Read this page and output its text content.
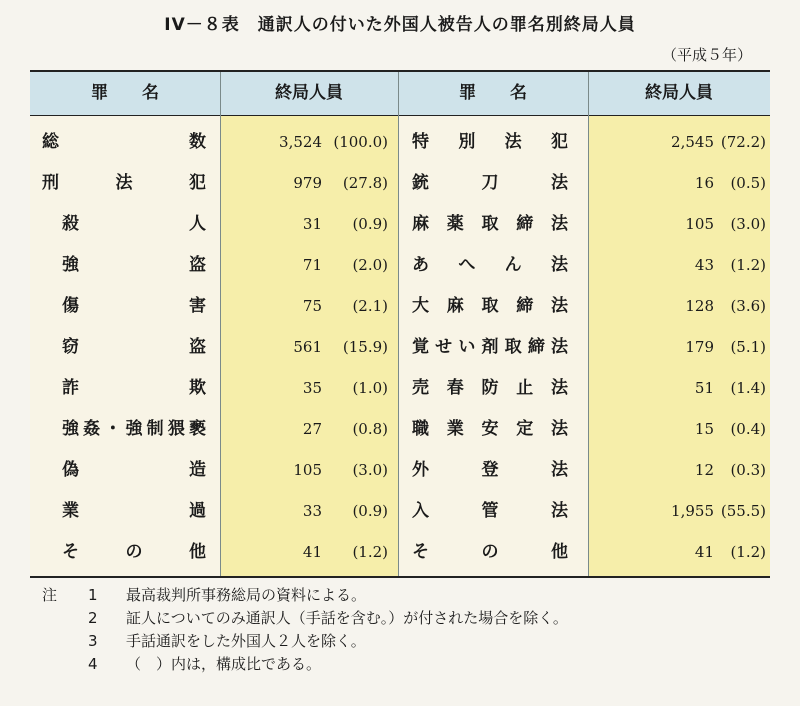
IV－８表　通訳人の付いた外国人被告人の罪名別終局人員
（平成５年）
罪　　名	終局人員	罪　　名	終局人員
総数	3,524 (100.0) 特別法犯	2,545 (72.2)
刑法犯	979	(27.8) 銃刀法	16	(0.5)
殺人	31	(0.9) 麻薬取締法	105	(3.0)
強盗	71	(2.0) あへん法	43	(1.2)
傷害	75	(2.1) 大麻取締法	128	(3.6)
窃盗	561	(15.9) 覚せい剤取締法	179	(5.1)
詐欺	35	(1.0) 売春防止法	51	(1.4)
強姦・強制猥褻	27	(0.8) 職業安定法	15	(0.4)
偽造	105	(3.0) 外登法	12	(0.3)
業過	33	(0.9) 入管法	1,955 (55.5)
その他	41	(1.2) その他	41	(1.2)
注 1 最高裁判所事務総局の資料による。
2 証人についてのみ通訳人（手話を含む。）が付された場合を除く。
3 手話通訳をした外国人２人を除く。
4 （　）内は，構成比である。
